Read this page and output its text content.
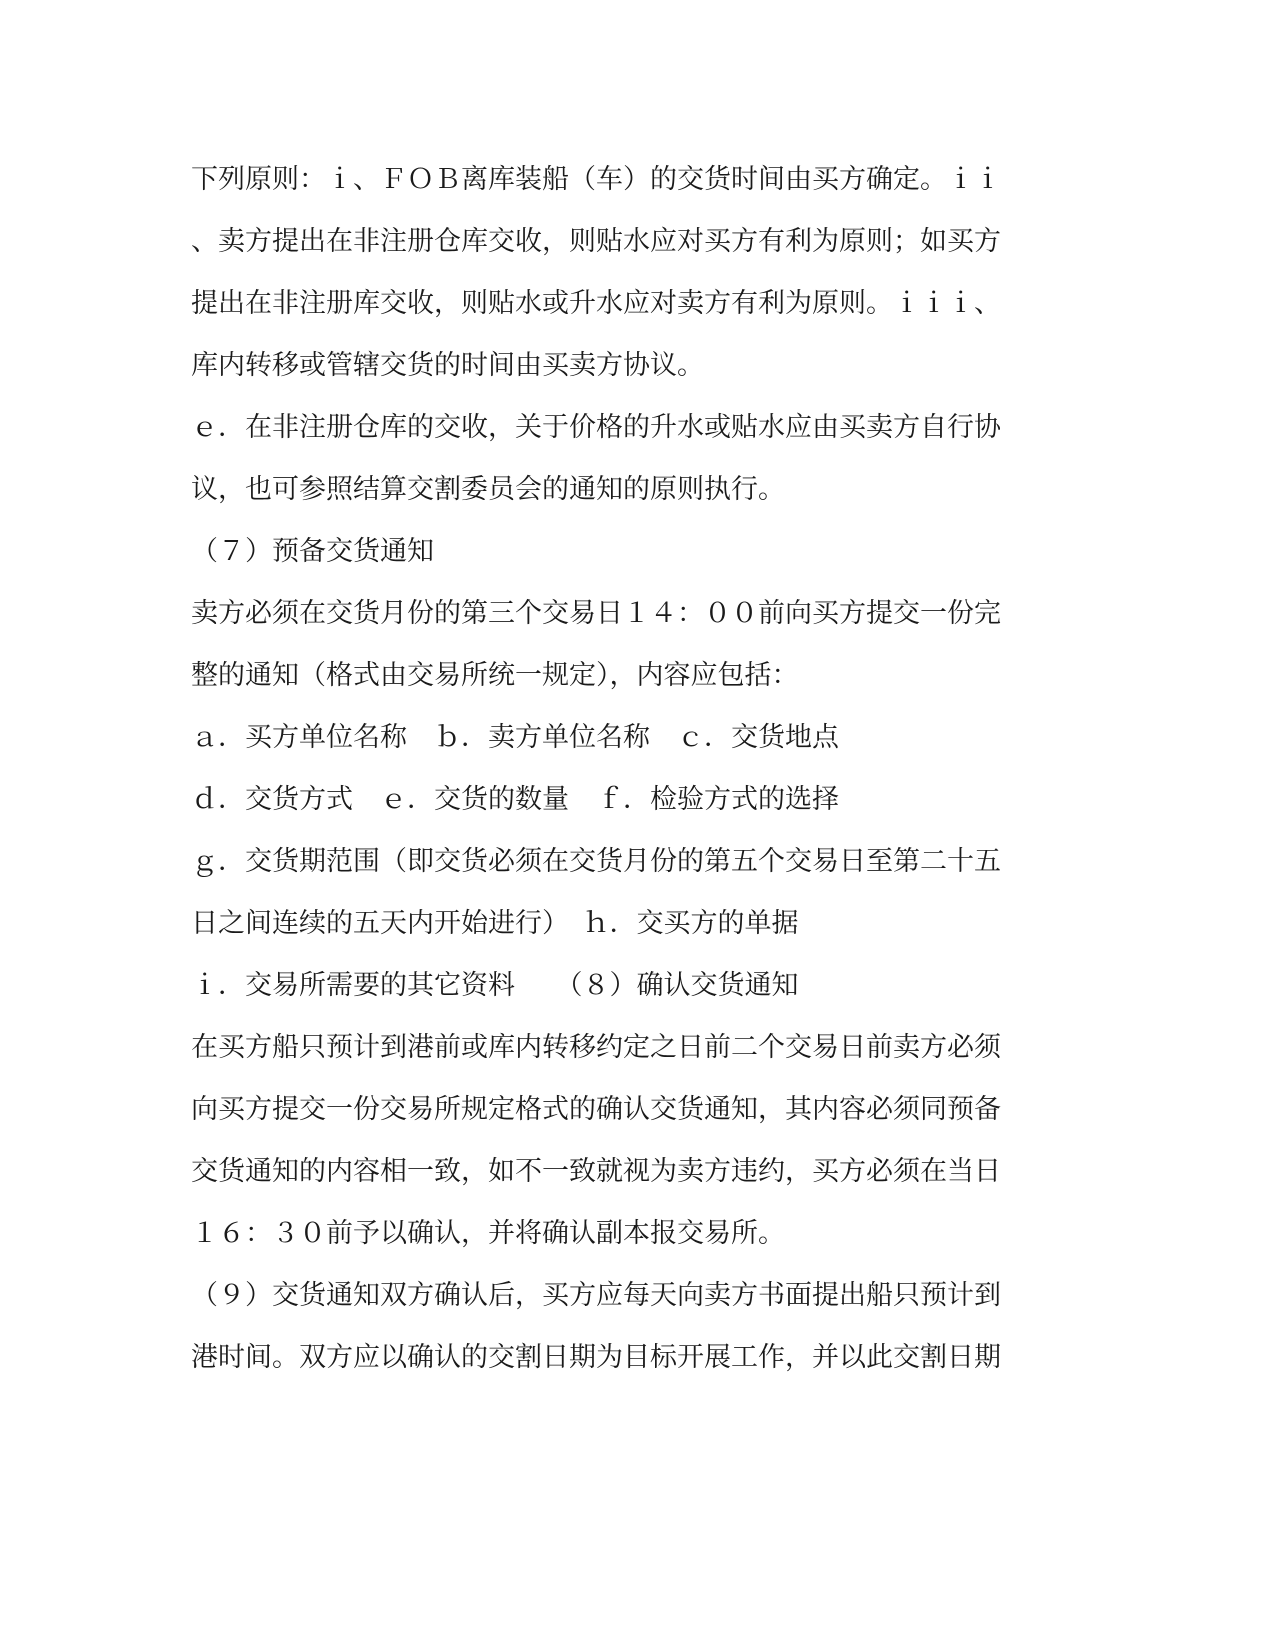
下列原则：ｉ、ＦＯＢ离库装船（车）的交货时间由买方确定。ｉｉ

、卖方提出在非注册仓库交收，则贴水应对买方有利为原则；如买方

提出在非注册库交收，则贴水或升水应对卖方有利为原则。ｉｉｉ、

库内转移或管辖交货的时间由买卖方协议。

ｅ．在非注册仓库的交收，关于价格的升水或贴水应由买卖方自行协

议，也可参照结算交割委员会的通知的原则执行。

（７）预备交货通知

卖方必须在交货月份的第三个交易日１４：００前向买方提交一份完

整的通知（格式由交易所统一规定），内容应包括：

ａ．买方单位名称　ｂ．卖方单位名称　ｃ．交货地点

ｄ．交货方式　ｅ．交货的数量　ｆ．检验方式的选择

ｇ．交货期范围（即交货必须在交货月份的第五个交易日至第二十五

日之间连续的五天内开始进行）　ｈ．交买方的单据

ｉ．交易所需要的其它资料　　（８）确认交货通知

在买方船只预计到港前或库内转移约定之日前二个交易日前卖方必须

向买方提交一份交易所规定格式的确认交货通知，其内容必须同预备

交货通知的内容相一致，如不一致就视为卖方违约，买方必须在当日

１６：３０前予以确认，并将确认副本报交易所。

（９）交货通知双方确认后，买方应每天向卖方书面提出船只预计到

港时间。双方应以确认的交割日期为目标开展工作，并以此交割日期
